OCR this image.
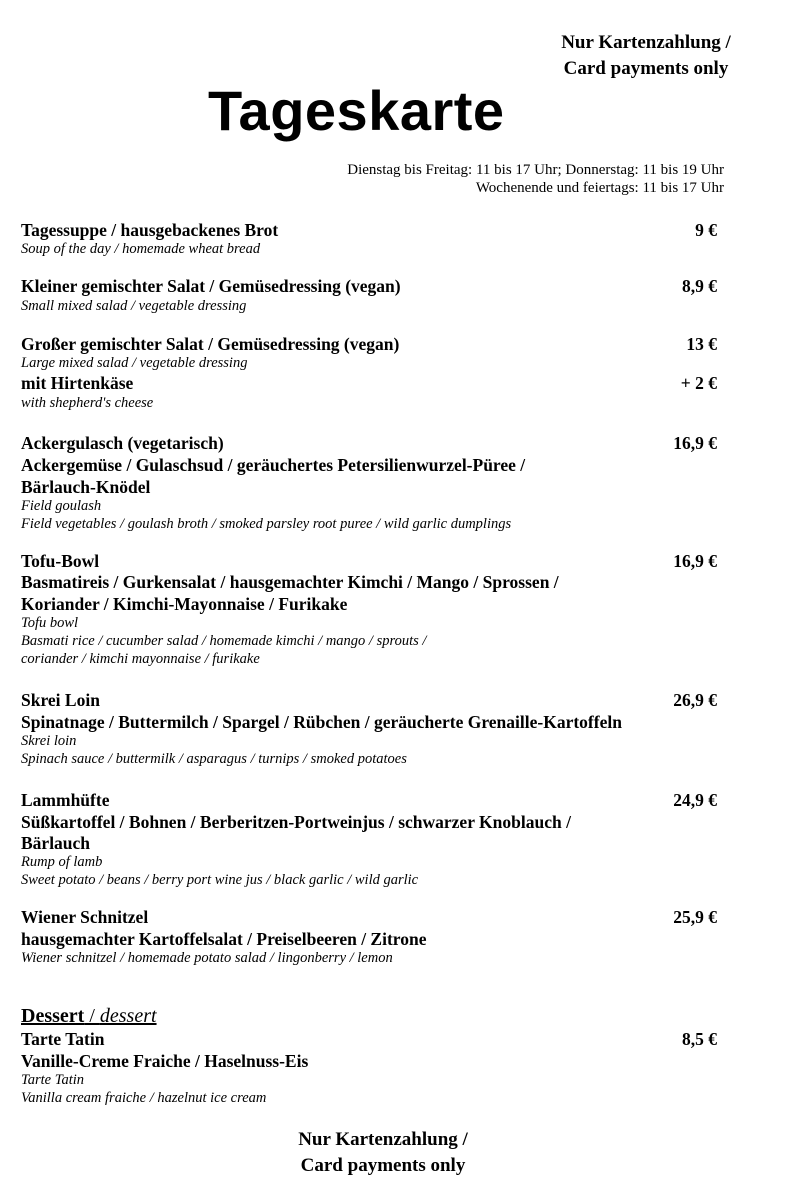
Nur Kartenzahlung /
Card payments only
Tageskarte
Dienstag bis Freitag: 11 bis 17 Uhr; Donnerstag: 11 bis 19 Uhr
Wochenende und feiertags: 11 bis 17 Uhr
Tagessuppe / hausgebackenes Brot
Soup of the day / homemade wheat bread
9 €
Kleiner gemischter Salat / Gemüsedressing (vegan)
Small mixed salad / vegetable dressing
8,9 €
Großer gemischter Salat / Gemüsedressing (vegan)
Large mixed salad / vegetable dressing
13 €
mit Hirtenkäse
with shepherd's cheese
+ 2 €
Ackergulasch (vegetarisch)
Ackergemüse / Gulaschsud / geräuchertes Petersilienwurzel-Püree /
Bärlauch-Knödel
Field goulash
Field vegetables / goulash broth / smoked parsley root puree / wild garlic dumplings
16,9 €
Tofu-Bowl
Basmatireis / Gurkensalat / hausgemachter Kimchi / Mango / Sprossen /
Koriander / Kimchi-Mayonnaise / Furikake
Tofu bowl
Basmati rice / cucumber salad / homemade kimchi / mango / sprouts /
coriander / kimchi mayonnaise / furikake
16,9 €
Skrei Loin
Spinatnage / Buttermilch / Spargel / Rübchen / geräucherte Grenaille-Kartoffeln
Skrei loin
Spinach sauce / buttermilk / asparagus / turnips / smoked potatoes
26,9 €
Lammhüfte
Süßkartoffel / Bohnen / Berberitzen-Portweinjus / schwarzer Knoblauch /
Bärlauch
Rump of lamb
Sweet potato / beans / berry port wine jus / black garlic / wild garlic
24,9 €
Wiener Schnitzel
hausgemachter Kartoffelsalat / Preiselbeeren / Zitrone
Wiener schnitzel / homemade potato salad / lingonberry / lemon
25,9 €
Dessert / dessert
Tarte Tatin
Vanille-Creme Fraiche / Haselnuss-Eis
Tarte Tatin
Vanilla cream fraiche / hazelnut ice cream
8,5 €
Nur Kartenzahlung /
Card payments only
